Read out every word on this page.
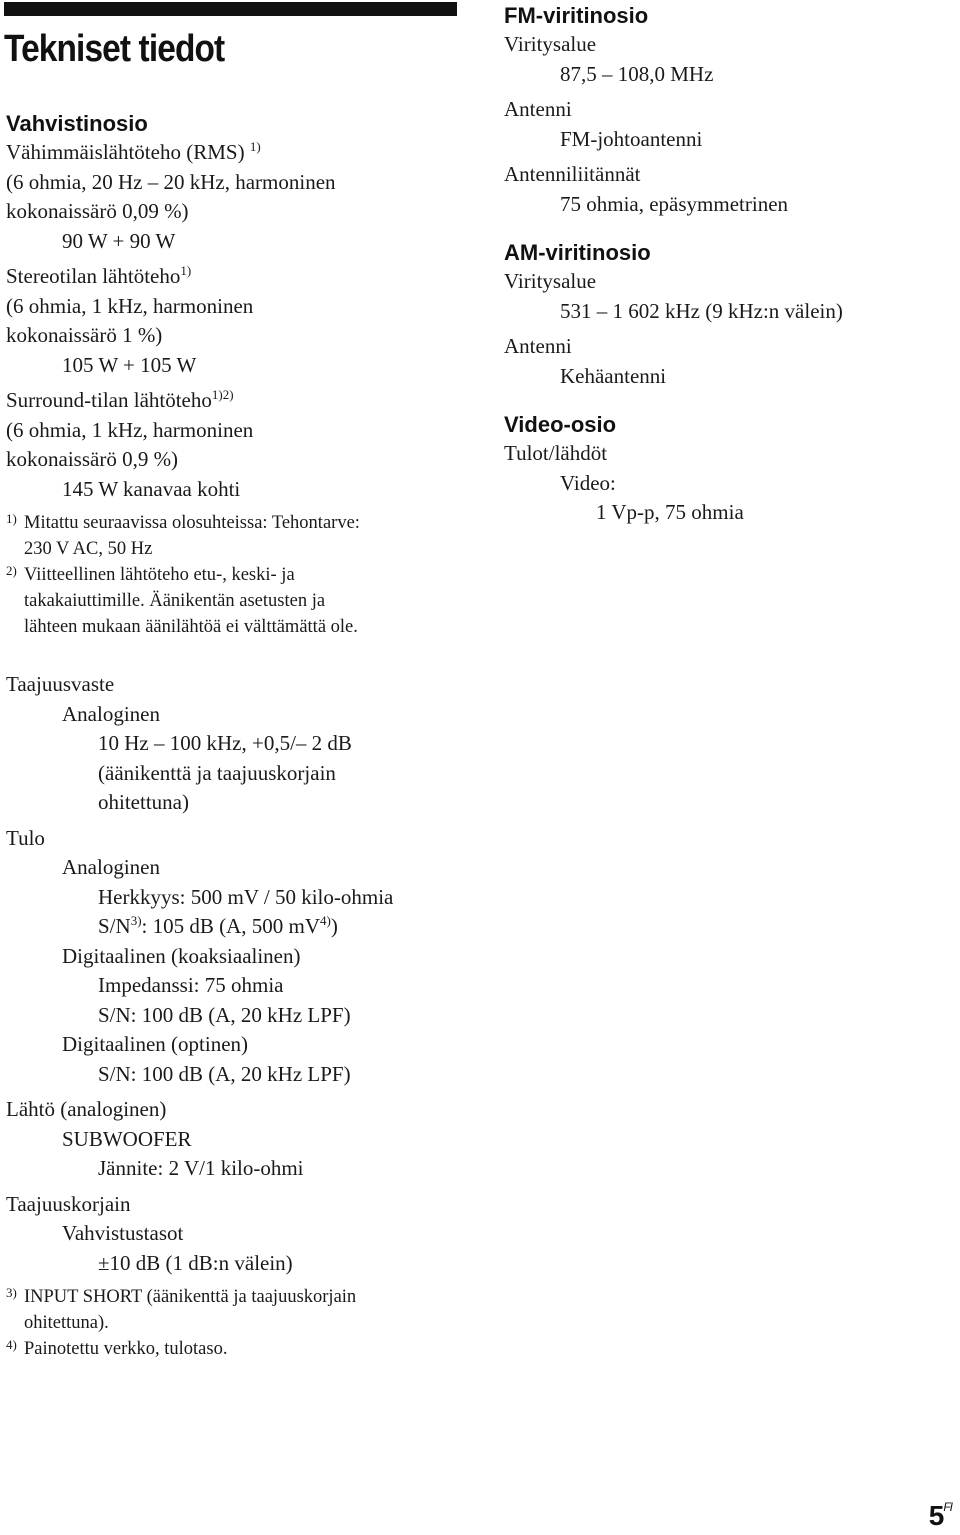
Tekniset tiedot
Vahvistinosio
Vähimmäislähtöteho (RMS) $^{1)}$
(6 ohmia, 20 Hz – 20 kHz, harmoninen
kokonaissärö 0,09 %)
90 W + 90 W
Stereotilan lähtöteho$^{1)}$
(6 ohmia, 1 kHz, harmoninen
kokonaissärö 1 %)
105 W + 105 W
Surround-tilan lähtöteho$^{1)2)}$
(6 ohmia, 1 kHz, harmoninen
kokonaissärö 0,9 %)
145 W kanavaa kohti
1) Mitattu seuraavissa olosuhteissa: Tehontarve:
230 V AC, 50 Hz
2) Viitteellinen lähtöteho etu-, keski- ja
takakaiuttimille. Äänikentän asetusten ja
lähteen mukaan äänilähtöä ei välttämättä ole.
Taajuusvaste
Analoginen
10 Hz – 100 kHz, +0,5/– 2 dB
(äänikenttä ja taajuuskorjain
ohitettuna)
Tulo
Analoginen
Herkkyys: 500 mV / 50 kilo-ohmia
$S/N^{3)}$: 105 dB (A, 500 $mV^{4)}$)
Digitaalinen (koaksiaalinen)
Impedanssi: 75 ohmia
S/N: 100 dB (A, 20 kHz LPF)
Digitaalinen (optinen)
S/N: 100 dB (A, 20 kHz LPF)
Lähtö (analoginen)
SUBWOOFER
Jännite: 2 V/1 kilo-ohmi
Taajuuskorjain
Vahvistustasot
±10 dB (1 dB:n välein)
3) INPUT SHORT (äänikenttä ja taajuuskorjain
ohitettuna).
4) Painotettu verkko, tulotaso.
FM-viritinosio
Viritysalue
87,5 – 108,0 MHz
Antenni
FM-johtoantenni
Antenniliitännät
75 ohmia, epäsymmetrinen
AM-viritinosio
Viritysalue
531 – 1 602 kHz (9 kHz:n välein)
Antenni
Kehäantenni
Video-osio
Tulot/lähdöt
Video:
1 Vp-p, 75 ohmia
$5^{FI}$
